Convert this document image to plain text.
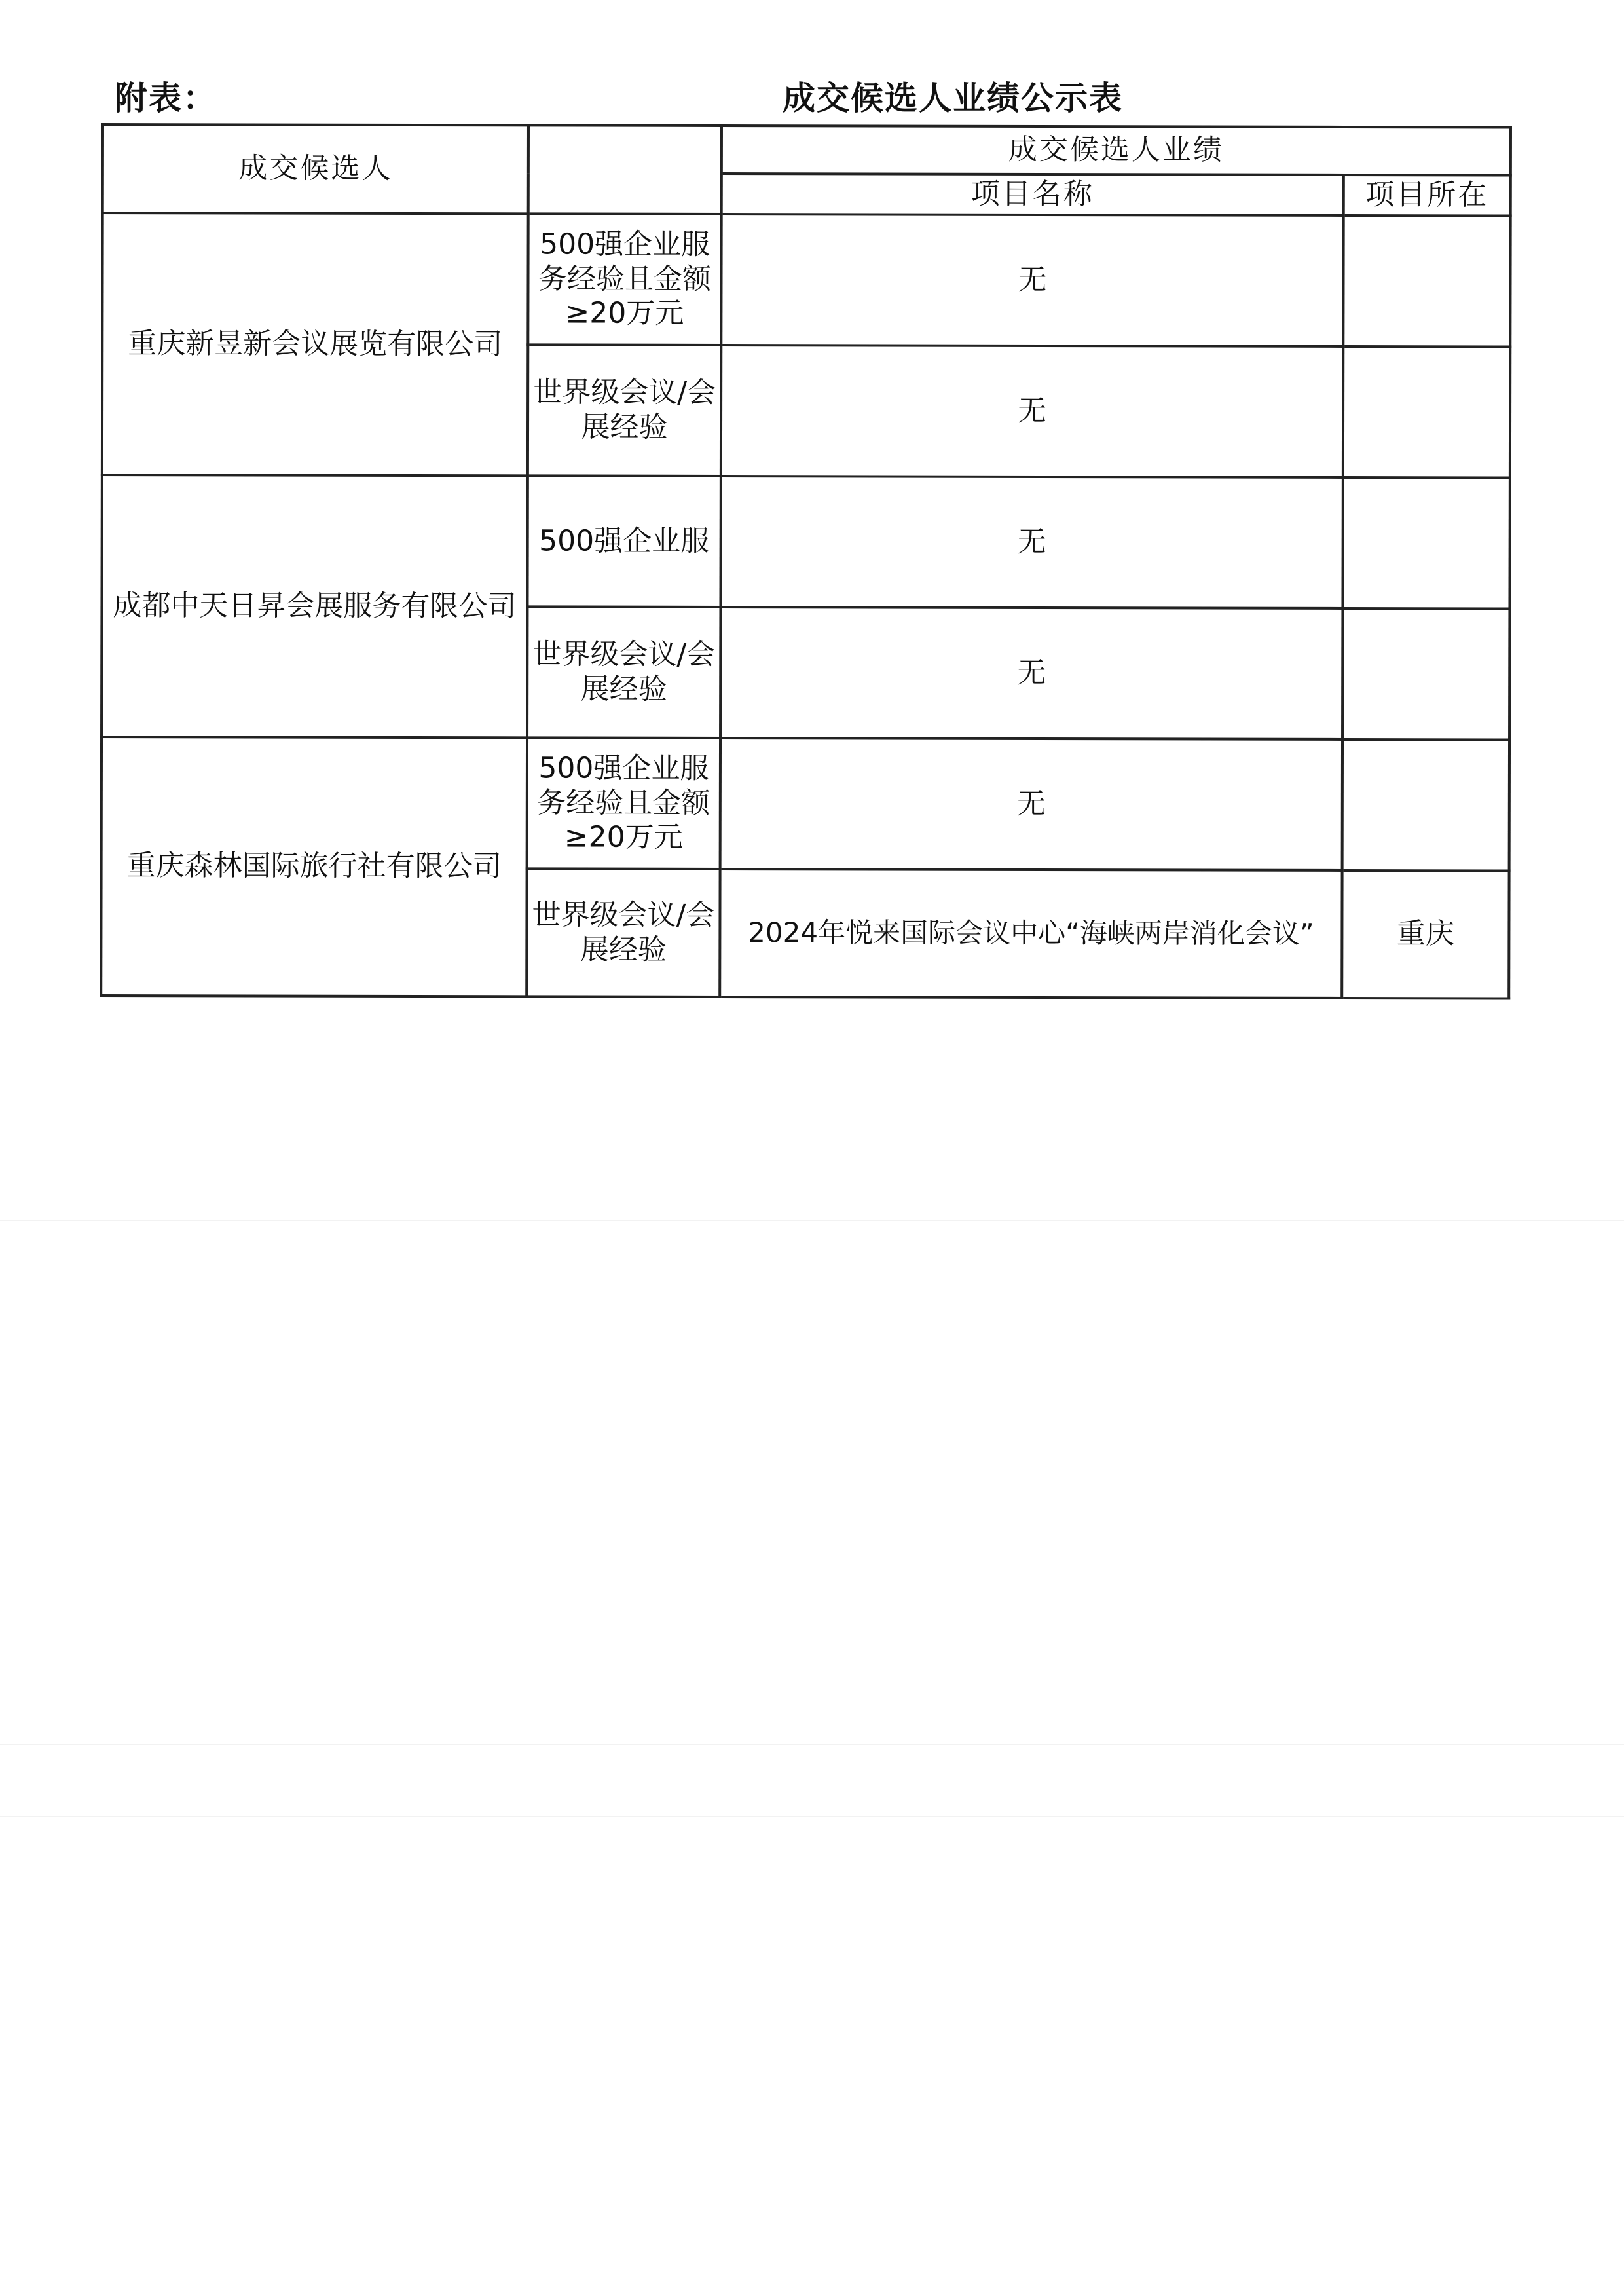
附表：	成交候选人业绩公示表
成交候选人		成交候选人业绩	
		项目名称	项目所在
重庆新昱新会议展览有限公司	500强企业服务经验且金额≥20万元	无	
	世界级会议/会展经验	无	
成都中天日昇会展服务有限公司	500强企业服	无	
	世界级会议/会展经验	无	
重庆森林国际旅行社有限公司	500强企业服务经验且金额≥20万元	无	
	世界级会议/会展经验	2024年悦来国际会议中心“海峡两岸消化会议”	重庆
